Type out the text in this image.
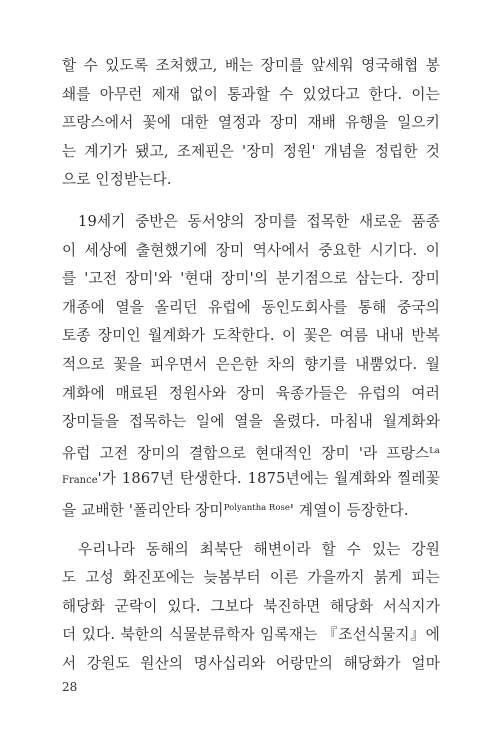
할 수 있도록 조처했고, 배는 장미를 앞세워 영국해협 봉
쇄를 아무런 제재 없이 통과할 수 있었다고 한다. 이는
프랑스에서 꽃에 대한 열정과 장미 재배 유행을 일으키
는 계기가 됐고, 조제핀은 '장미 정원' 개념을 정립한 것
으로 인정받는다.
19세기 중반은 동서양의 장미를 접목한 새로운 품종
이 세상에 출현했기에 장미 역사에서 중요한 시기다. 이
를 '고전 장미'와 '현대 장미'의 분기점으로 삼는다. 장미
개종에 열을 올리던 유럽에 동인도회사를 통해 중국의
토종 장미인 월계화가 도착한다. 이 꽃은 여름 내내 반복
적으로 꽃을 피우면서 은은한 차의 향기를 내뿜었다. 월
계화에 매료된 정원사와 장미 육종가들은 유럽의 여러
장미들을 접목하는 일에 열을 올렸다. 마침내 월계화와
유럽 고전 장미의 결합으로 현대적인 장미 '라 프랑스$^{La}$
France'가 1867년 탄생한다. 1875년에는 월계화와 찔레꽃
을 교배한 '폴리안타 장미$^{Polyantha Rose}$' 계열이 등장한다.
우리나라 동해의 최북단 해변이라 할 수 있는 강원
도 고성 화진포에는 늦봄부터 이른 가을까지 붉게 피는
해당화 군락이 있다. 그보다 북진하면 해당화 서식지가
더 있다. 북한의 식물분류학자 임록재는 『조선식물지』에
서 강원도 원산의 명사십리와 어랑만의 해당화가 얼마
28
